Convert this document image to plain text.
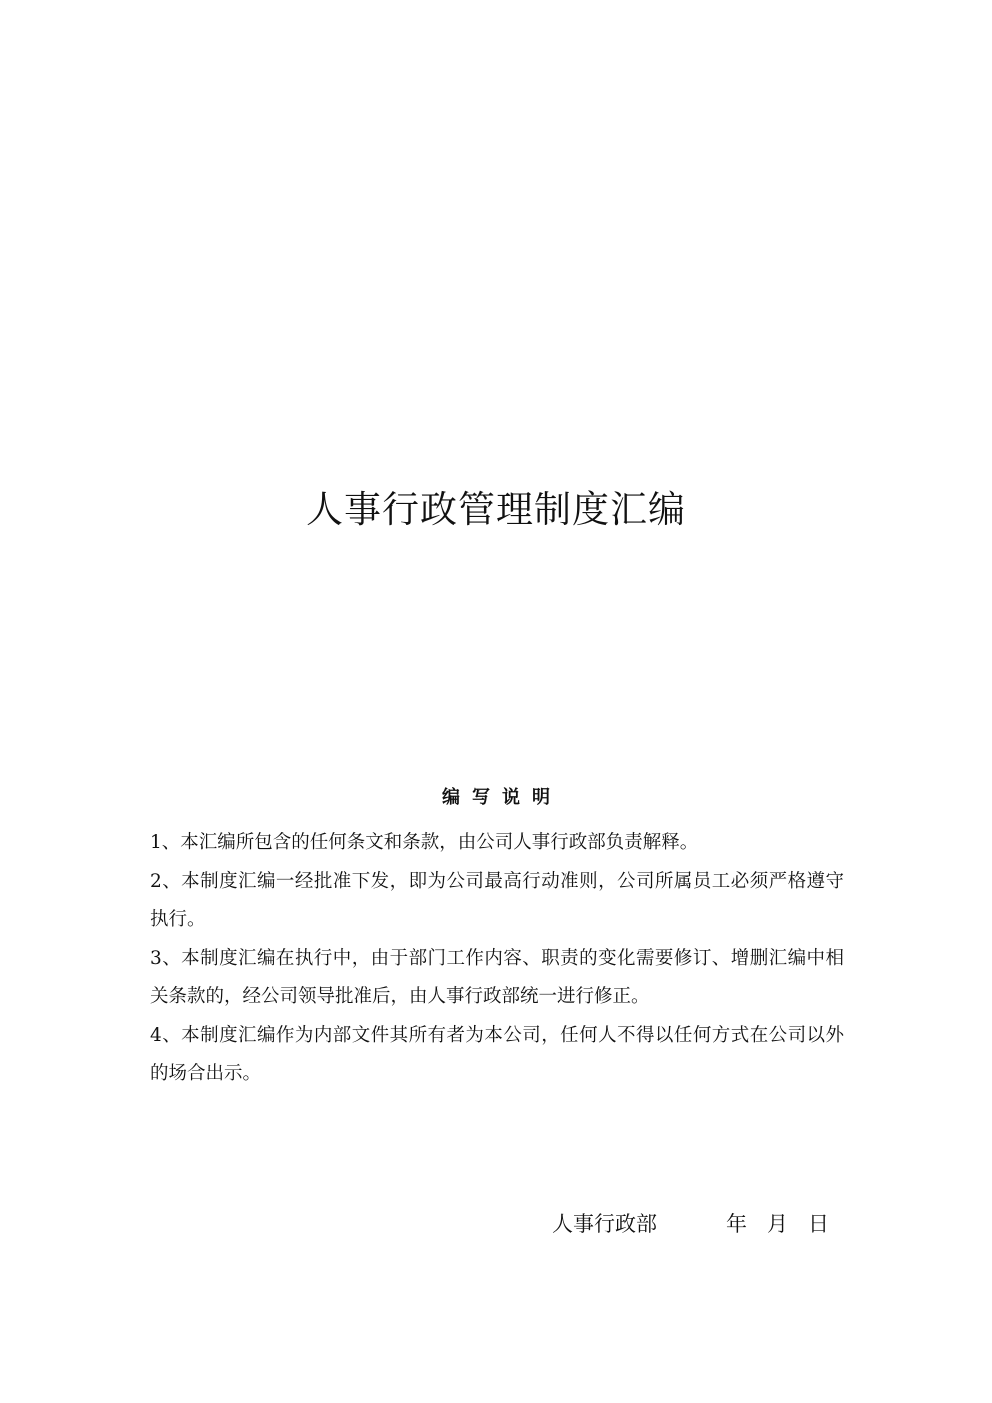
人事行政管理制度汇编
编写说明
1、本汇编所包含的任何条文和条款，由公司人事行政部负责解释。
2、本制度汇编一经批准下发，即为公司最高行动准则，公司所属员工必须严格遵守执行。
3、本制度汇编在执行中，由于部门工作内容、职责的变化需要修订、增删汇编中相关条款的，经公司领导批准后，由人事行政部统一进行修正。
4、本制度汇编作为内部文件其所有者为本公司，任何人不得以任何方式在公司以外的场合出示。
人事行政部	年   月   日
